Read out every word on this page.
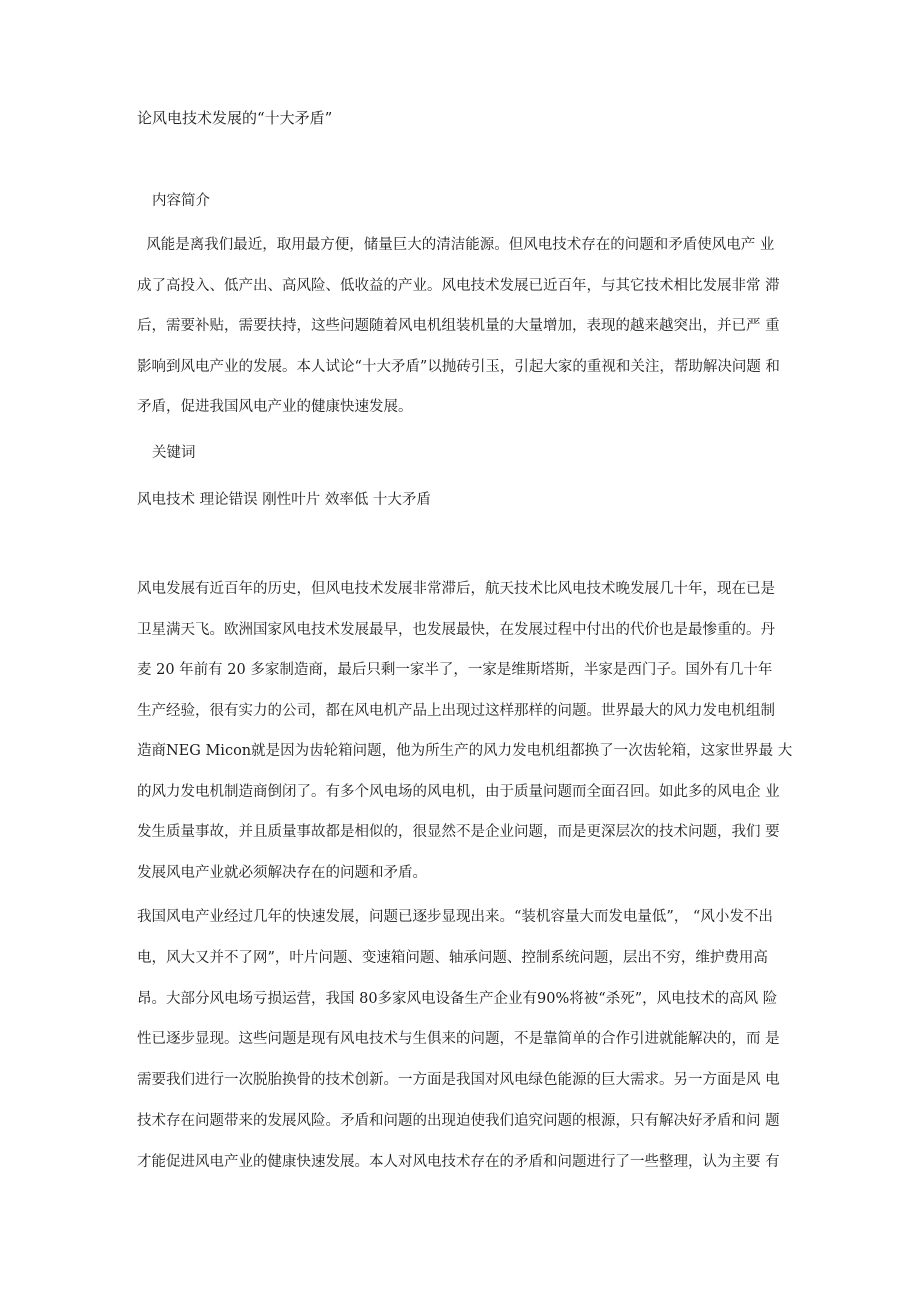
论风电技术发展的“十大矛盾”
内容简介
风能是离我们最近，取用最方便，储量巨大的清洁能源。但风电技术存在的问题和矛盾使风电产 业
成了高投入、低产出、高风险、低收益的产业。风电技术发展已近百年，与其它技术相比发展非常 滞
后，需要补贴，需要扶持，这些问题随着风电机组装机量的大量增加，表现的越来越突出，并已严 重
影响到风电产业的发展。本人试论“十大矛盾”以抛砖引玉，引起大家的重视和关注，帮助解决问题 和
矛盾，促进我国风电产业的健康快速发展。
关键词
风电技术 理论错误 刚性叶片 效率低 十大矛盾
风电发展有近百年的历史，但风电技术发展非常滞后，航天技术比风电技术晚发展几十年，现在已是
卫星满天飞。欧洲国家风电技术发展最早，也发展最快，在发展过程中付出的代价也是最惨重的。丹
麦 20 年前有 20 多家制造商，最后只剩一家半了，一家是维斯塔斯，半家是西门子。国外有几十年
生产经验，很有实力的公司，都在风电机产品上出现过这样那样的问题。世界最大的风力发电机组制
造商NEG Micon就是因为齿轮箱问题，他为所生产的风力发电机组都换了一次齿轮箱，这家世界最 大
的风力发电机制造商倒闭了。有多个风电场的风电机，由于质量问题而全面召回。如此多的风电企 业
发生质量事故，并且质量事故都是相似的，很显然不是企业问题，而是更深层次的技术问题，我们 要
发展风电产业就必须解决存在的问题和矛盾。
我国风电产业经过几年的快速发展，问题已逐步显现出来。“装机容量大而发电量低”， “风小发不出
电，风大又并不了网”，叶片问题、变速箱问题、轴承问题、控制系统问题，层出不穷，维护费用高
昂。大部分风电场亏损运营，我国 80多家风电设备生产企业有90%将被“杀死”，风电技术的高风 险
性已逐步显现。这些问题是现有风电技术与生俱来的问题，不是靠简单的合作引进就能解决的，而 是
需要我们进行一次脱胎换骨的技术创新。一方面是我国对风电绿色能源的巨大需求。另一方面是风 电
技术存在问题带来的发展风险。矛盾和问题的出现迫使我们追究问题的根源，只有解决好矛盾和问 题
才能促进风电产业的健康快速发展。本人对风电技术存在的矛盾和问题进行了一些整理，认为主要 有
